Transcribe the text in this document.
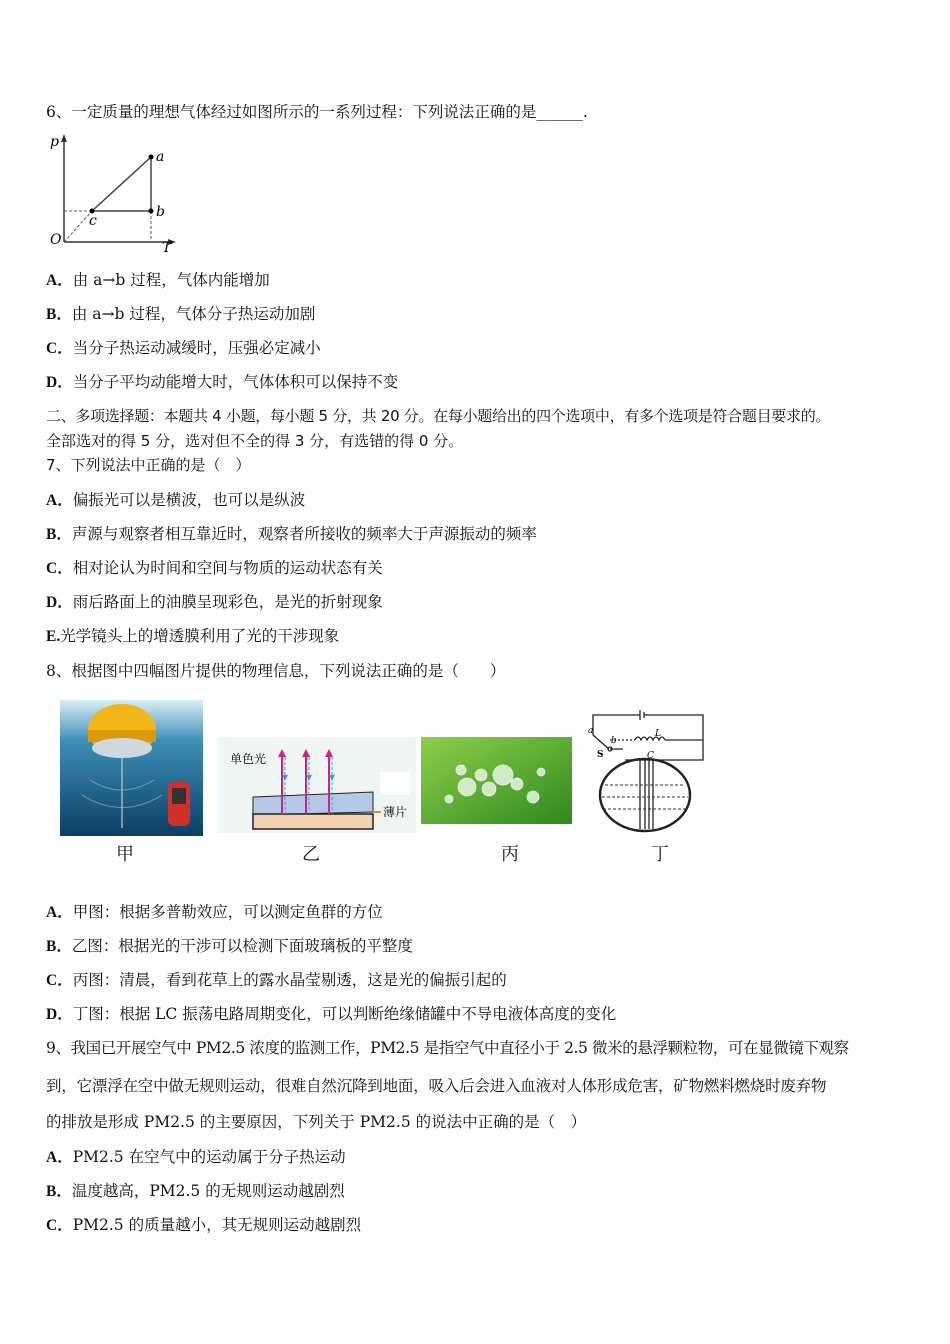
6、一定质量的理想气体经过如图所示的一系列过程：下列说法正确的是______.
p
T
O
a
b
c
A．由 a→b 过程，气体内能增加
B．由 a→b 过程，气体分子热运动加剧
C．当分子热运动减缓时，压强必定减小
D．当分子平均动能增大时，气体体积可以保持不变
二、多项选择题：本题共 4 小题，每小题 5 分，共 20 分。在每小题给出的四个选项中，有多个选项是符合题目要求的。
全部选对的得 5 分，选对但不全的得 3 分，有选错的得 0 分。
7、下列说法中正确的是（　）
A．偏振光可以是横波，也可以是纵波
B．声源与观察者相互靠近时，观察者所接收的频率大于声源振动的频率
C．相对论认为时间和空间与物质的运动状态有关
D．雨后路面上的油膜呈现彩色，是光的折射现象
E.光学镜头上的增透膜利用了光的干涉现象
8、根据图中四幅图片提供的物理信息，下列说法正确的是（　　）
单色光
薄片
L
C
a
b
S
甲	乙	丙	丁
A．甲图：根据多普勒效应，可以测定鱼群的方位
B．乙图：根据光的干涉可以检测下面玻璃板的平整度
C．丙图：清晨，看到花草上的露水晶莹剔透，这是光的偏振引起的
D．丁图：根据 LC 振荡电路周期变化，可以判断绝缘储罐中不导电液体高度的变化
9、我国已开展空气中 PM2.5 浓度的监测工作，PM2.5 是指空气中直径小于 2.5 微米的悬浮颗粒物，可在显微镜下观察
到，它漂浮在空中做无规则运动，很难自然沉降到地面，吸入后会进入血液对人体形成危害，矿物燃料燃烧时废弃物
的排放是形成 PM2.5 的主要原因，下列关于 PM2.5 的说法中正确的是（　）
A．PM2.5 在空气中的运动属于分子热运动
B．温度越高，PM2.5 的无规则运动越剧烈
C．PM2.5 的质量越小，其无规则运动越剧烈
